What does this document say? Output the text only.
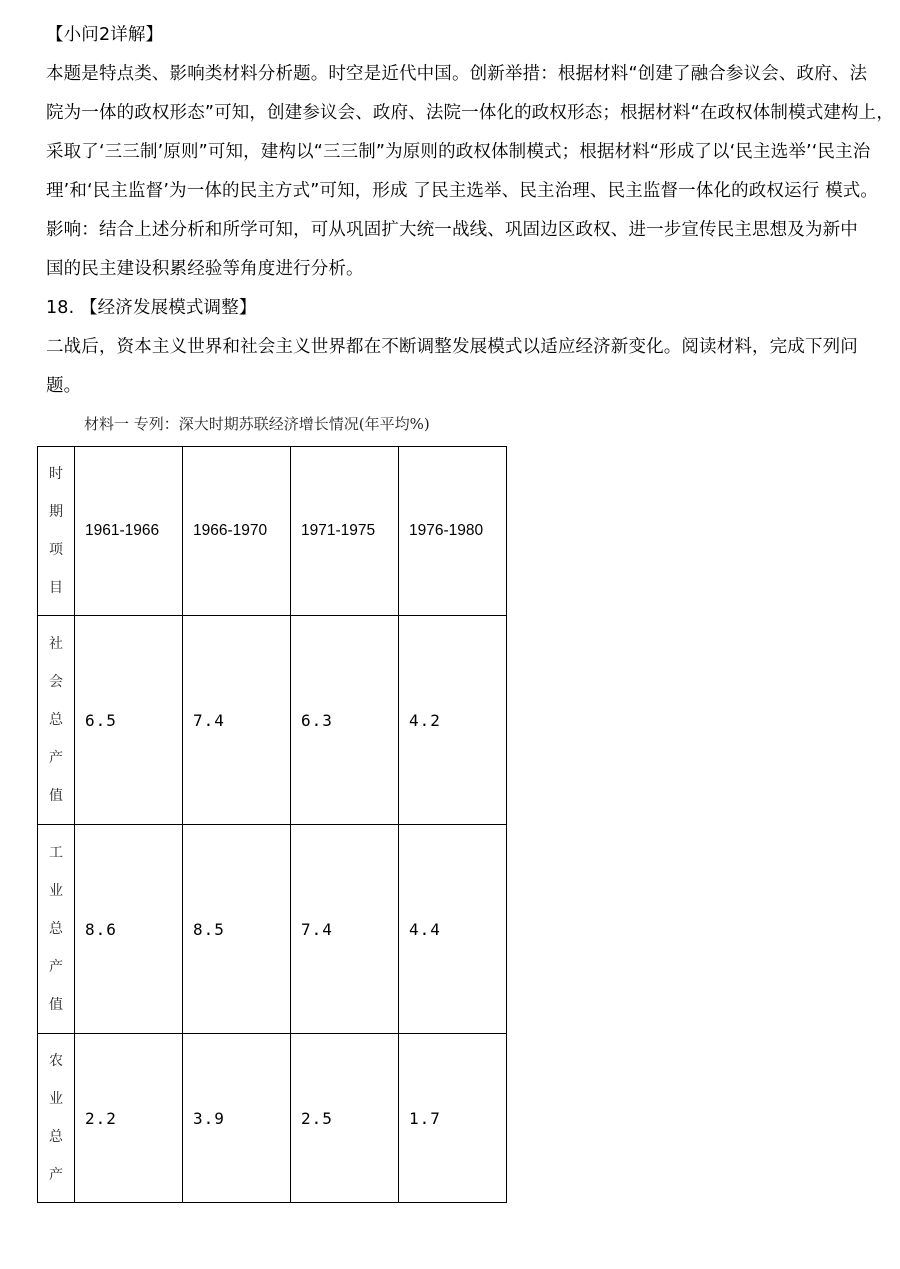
【小问2详解】
本题是特点类、影响类材料分析题。时空是近代中国。创新举措：根据材料“创建了融合参议会、政府、法
院为一体的政权形态”可知，创建参议会、政府、法院一体化的政权形态；根据材料“在政权体制模式建构上，
采取了‘三三制’原则”可知，建构以“三三制”为原则的政权体制模式；根据材料“形成了以‘民主选举’‘民主治
理’和‘民主监督’为一体的民主方式”可知，形成 了民主选举、民主治理、民主监督一体化的政权运行 模式。
影响：结合上述分析和所学可知，可从巩固扩大统一战线、巩固边区政权、进一步宣传民主思想及为新中
国的民主建设积累经验等角度进行分析。
18. 【经济发展模式调整】
二战后，资本主义世界和社会主义世界都在不断调整发展模式以适应经济新变化。阅读材料，完成下列问
题。
材料一 专列：深大时期苏联经济增长情况(年平均%)
时
期
项
目	1961-1966	1966-1970	1971-1975	1976-1980

社
会
总
产
值	6.5	7.4	6.3	4.2

工
业
总
产
值	8.6	8.5	7.4	4.4

农
业
总
产	2.2	3.9	2.5	1.7
